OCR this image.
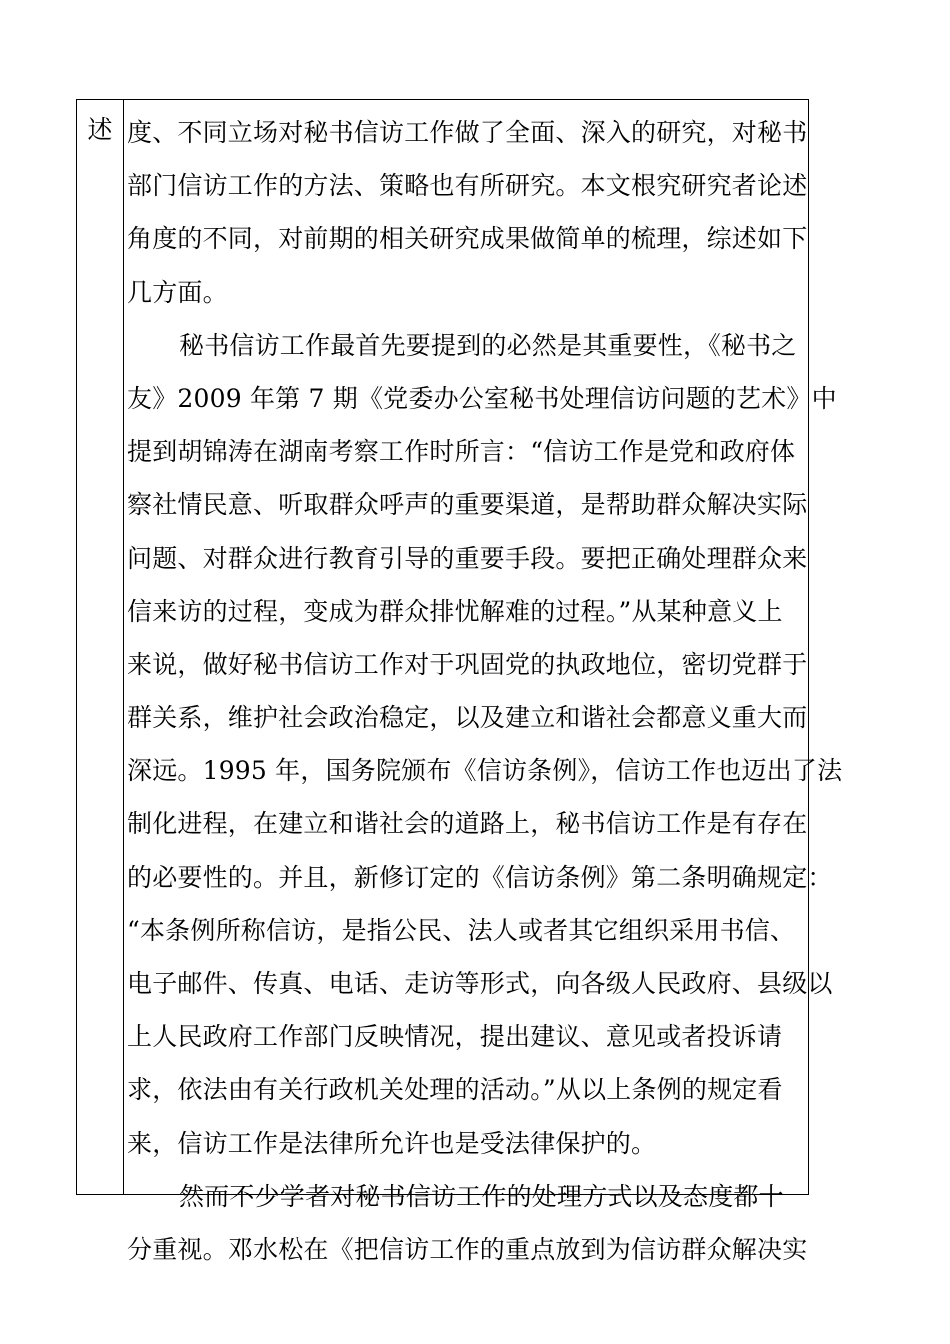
述 度、不同立场对秘书信访工作做了全面、深入的研究，对秘书
部门信访工作的方法、策略也有所研究。本文根究研究者论述
角度的不同，对前期的相关研究成果做简单的梳理，综述如下
几方面。
秘书信访工作最首先要提到的必然是其重要性，《秘书之
友》2009 年第 7 期《党委办公室秘书处理信访问题的艺术》中
提到胡锦涛在湖南考察工作时所言：“信访工作是党和政府体
察社情民意、听取群众呼声的重要渠道，是帮助群众解决实际
问题、对群众进行教育引导的重要手段。要把正确处理群众来
信来访的过程，变成为群众排忧解难的过程。”从某种意义上
来说，做好秘书信访工作对于巩固党的执政地位，密切党群于
群关系，维护社会政治稳定，以及建立和谐社会都意义重大而
深远。1995 年，国务院颁布《信访条例》，信访工作也迈出了法
制化进程，在建立和谐社会的道路上，秘书信访工作是有存在
的必要性的。并且，新修订定的《信访条例》第二条明确规定：
“本条例所称信访，是指公民、法人或者其它组织采用书信、
电子邮件、传真、电话、走访等形式，向各级人民政府、县级以
上人民政府工作部门反映情况，提出建议、意见或者投诉请
求，依法由有关行政机关处理的活动。”从以上条例的规定看
来，信访工作是法律所允许也是受法律保护的。
然而不少学者对秘书信访工作的处理方式以及态度都十
分重视。邓水松在《把信访工作的重点放到为信访群众解决实
